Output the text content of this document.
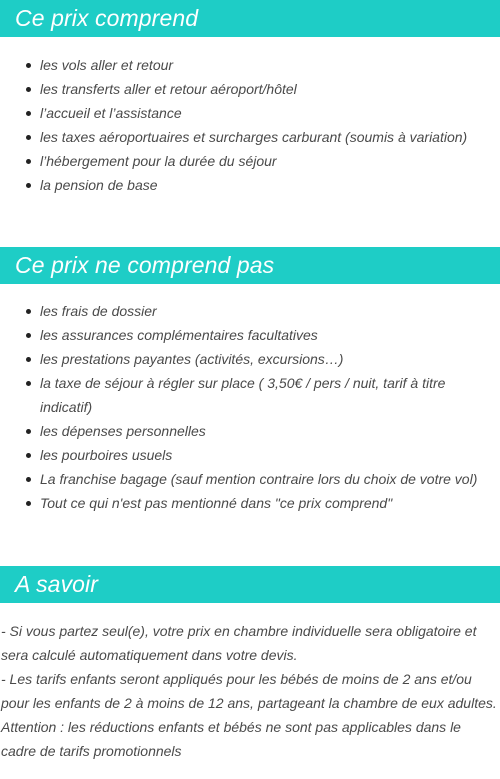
Ce prix comprend
les vols aller et retour
les transferts aller et retour aéroport/hôtel
l’accueil et l’assistance
les taxes aéroportuaires et surcharges carburant (soumis à variation)
l’hébergement pour la durée du séjour
la pension de base
Ce prix ne comprend pas
les frais de dossier
les assurances complémentaires facultatives
les prestations payantes (activités, excursions…)
la taxe de séjour à régler sur place ( 3,50€ / pers / nuit, tarif à titre indicatif)
les dépenses personnelles
les pourboires usuels
La franchise bagage (sauf mention contraire lors du choix de votre vol)
Tout ce qui n'est pas mentionné dans "ce prix comprend"
A savoir

- Si vous partez seul(e), votre prix en chambre individuelle sera obligatoire et sera calculé automatiquement dans votre devis.

- Les tarifs enfants seront appliqués pour les bébés de moins de 2 ans et/ou pour les enfants de 2 à moins de 12 ans, partageant la chambre de eux adultes.

Attention : les réductions enfants et bébés ne sont pas applicables dans le cadre de tarifs promotionnels
